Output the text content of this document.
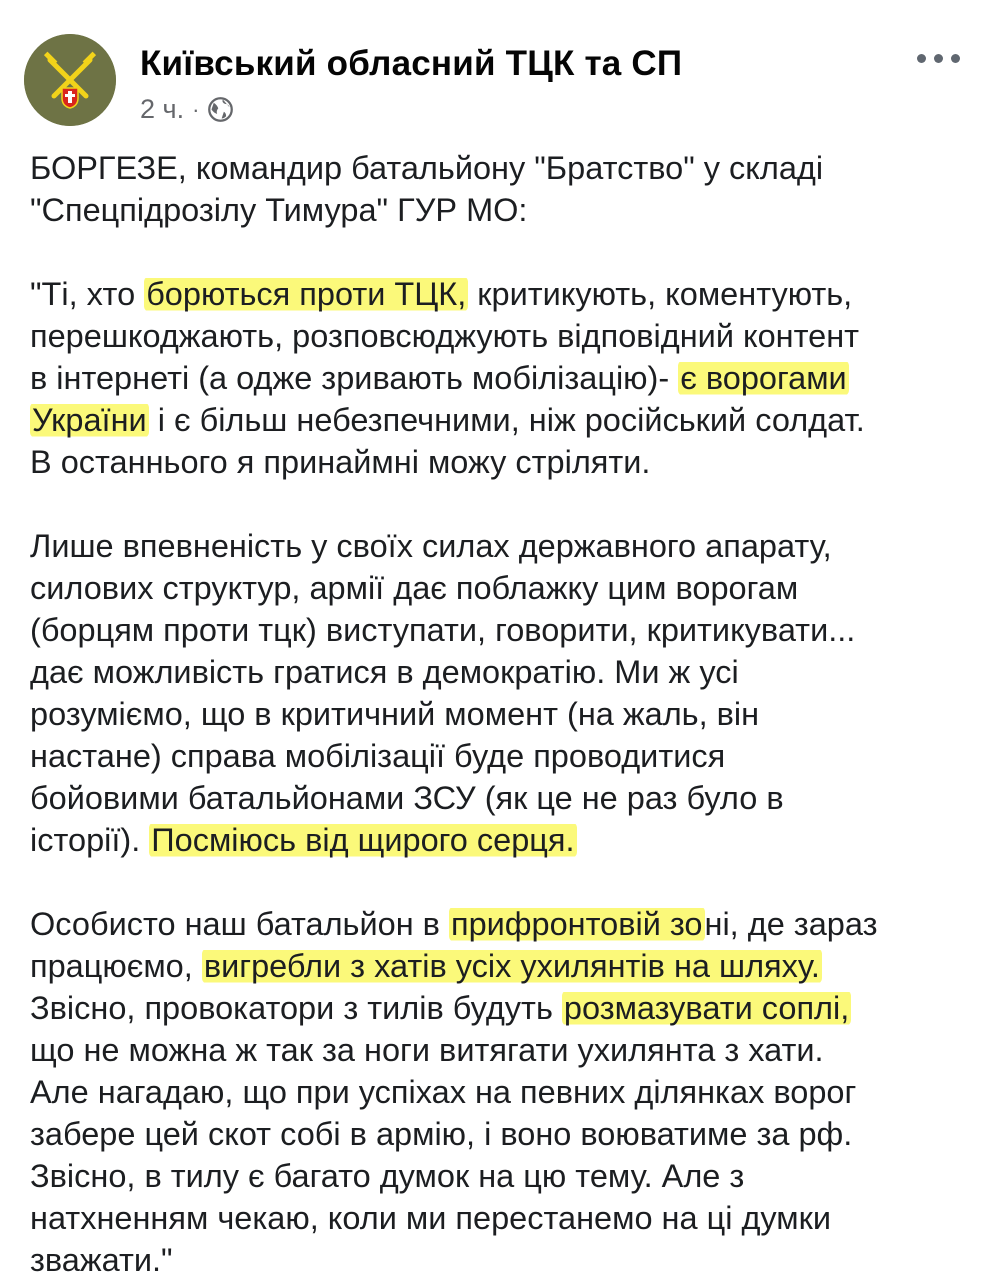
Київський обласний ТЦК та СП
2 ч. ·
БОРГЕЗЕ, командир батальйону "Братство" у складі
"Спецпідрозілу Тимура" ГУР МО:
"Ті, хто борються проти ТЦК, критикують, коментують,
перешкоджають, розповсюджують відповідний контент
в інтернеті (а одже зривають мобілізацію)- є ворогами
України і є більш небезпечними, ніж російський солдат.
В останнього я принаймні можу стріляти.
Лише впевненість у своїх силах державного апарату,
силових структур, армії дає поблажку цим ворогам
(борцям проти тцк) виступати, говорити, критикувати...
дає можливість гратися в демократію. Ми ж усі
розуміємо, що в критичний момент (на жаль, він
настане) справа мобілізації буде проводитися
бойовими батальйонами ЗСУ (як це не раз було в
історії). Посміюсь від щирого серця.
Особисто наш батальйон в прифронтовій зоні, де зараз
працюємо, вигребли з хатів усіх ухилянтів на шляху.
Звісно, провокатори з тилів будуть розмазувати соплі,
що не можна ж так за ноги витягати ухилянта з хати.
Але нагадаю, що при успіхах на певних ділянках ворог
забере цей скот собі в армію, і воно воюватиме за рф.
Звісно, в тилу є багато думок на цю тему. Але з
натхненням чекаю, коли ми перестанемо на ці думки
зважати."
